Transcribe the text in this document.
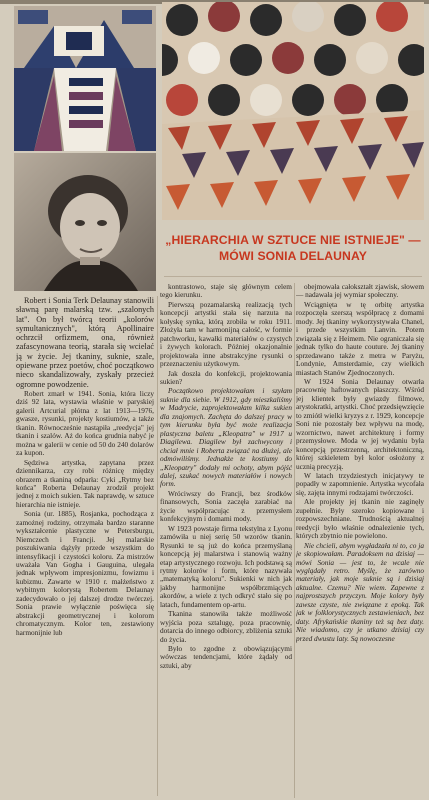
„HIERARCHIA W SZTUCE NIE ISTNIEJE" —
MÓWI SONIA DELAUNAY

Robert i Sonia Terk Delaunay stanowili sławną parę malarską tzw. „szalonych lat". On był twórcą teorii „kolorów symultanicznych", którą Apollinaire ochrzcił orfizmem, ona, również zafascynowana teorią, starała się wcielać ją w życie. Jej tkaniny, suknie, szale, opiewane przez poetów, choć początkowo nieco skandalizowały, zyskały przecież ogromne powodzenie.

Robert zmarł w 1941. Sonia, która liczy dziś 92 lata, wystawia właśnie w paryskiej galerii Artcurial płótna z lat 1913—1976, gwasze, rysunki, projekty kostiumów, a także tkanin. Równocześnie nastąpiła „reedycja" jej tkanin i szalów. Aż do końca grudnia nabyć je można w galerii w cenie od 50 do 240 dolarów za kupon.

Sędziwa artystka, zapytana przez dziennikarza, czy robi różnicę między obrazem a tkaniną odparła: Cyki „Rytmy bez końca" Roberta Delaunay zrodził projekt jednej z moich sukien. Tak naprawdę, w sztuce hierarchia nie istnieje.

Sonia (ur. 1885), Rosjanka, pochodząca z zamożnej rodziny, otrzymała bardzo staranne wykształcenie plastyczne w Petersburgu, Niemczech i Francji. Jej malarskie poszukiwania dążyły przede wszystkim do intensyfikacji i czystości koloru. Za mistrzów uważała Van Gogha i Gauguina, ulegała jednak wpływom impresjonizmu, fowizmu i kubizmu. Zawarte w 1910 r. małżeństwo z wybitnym kolorystą Robertem Delaunay zadecydowało o jej dalszej drodze twórczej. Sonia prawie wyłącznie poświęca się abstrakcji geometrycznej i kolorom chromatycznym. Kolor ten, zestawiony harmonijnie lub

kontrastowo, staje się głównym celem tego kierunku.

Pierwszą pozamalarską realizacją tych koncepcji artystki stała się narzuta na kołyskę synka, którą zrobiła w roku 1911. Złożyła tam w harmonijną całość, w formie patchworku, kawałki materiałów o czystych i żywych kolorach. Później okazjonalnie projektowała inne abstrakcyjne rysunki o przeznaczeniu użytkowym.

Jak doszła do konfekcji, projektowania sukien?

Początkowo projektowałam i szyłam suknie dla siebie. W 1912, gdy mieszkaliśmy w Madrycie, zaprojektowałam kilka sukien dla znajomych. Zachęta do dalszej pracy w tym kierunku była być może realizacja plastyczna baletu „Kleopatra" w 1917 u Diagilewa. Diagilew był zachwycony i chciał mnie i Roberta związać na dłużej, ale odmówiliśmy. Jednakże te kostiumy do „Kleopatry" dodały mi ochoty, abym pójść dalej, szukać nowych materiałów i nowych form.

Wróciwszy do Francji, bez środków finansowych, Sonia zaczęła zarabiać na życie współpracując z przemysłem konfekcyjnym i domami mody.

W 1923 powstaje firma tekstylna z Lyonu zamówiła u niej serię 50 wzorów tkanin. Rysunki te są już do końca przemyślaną koncepcją jej malarstwa i stanowią ważny etap artystycznego rozwoju. Ich podstawą są rytmy kolorów i form, które nazywała „matematyką koloru". Sukienki w nich jak jakby harmonijne współbrzmiących akordów, a wiele z tych odkryć stało się po latach, fundamentem op-artu.

Tkanina stanowiła także możliwość wyjścia poza sztalugę, poza pracownię, dotarcia do innego odbiorcy, zbliżenia sztuki do życia.

Było to zgodne z obowiązującymi wówczas tendencjami, które żądały od sztuki, aby

obejmowała całokształt zjawisk, słowem — nadawała jej wymiar społeczny.

Wciągnięta w tę orbitę artystka rozpoczęła szerszą współpracę z domami mody. Jej tkaniny wykorzystywała Chanel, i przede wszystkim Lanvin. Potem związała się z Heimem. Nie ograniczała się jednak tylko do haute couture. Jej tkaniny sprzedawano także z metra w Paryżu, Londynie, Amsterdamie, czy wielkich miastach Stanów Zjednoczonych.

W 1924 Sonia Delaunay otwarła pracownię haftowanych płaszczy. Wśród jej klientek były gwiazdy filmowe, arystokratki, artystki. Choć przedsięwzięcie to zmiótł wielki kryzys z r. 1929, koncepcje Soni nie pozostały bez wpływu na modę, wzornictwo, nawet architekturę i formy przemysłowe. Moda w jej wydaniu była koncepcją przestrzenną, architektoniczną, której szkieletem był kolor osłożony z ucznią precyzją.

W latach trzydziestych inicjatywy te popadły w zapomnienie. Artystka wycofała się, zajęta innymi rodzajami twórczości.

Ale projekty jej tkanin nie zaginęły zupełnie. Były szeroko kopiowane i rozpowszechniane. Trudnością aktualnej reedycji było właśnie odnalezienie tych, których zbytnio nie powielono.

Nie chcieli, abym wygładzała ni to, co ja je skopiowałam. Paradoksem na dzisiaj — mówi Sonia — jest to, że wcale nie wyglądały retro. Myślę, że zarówno materiały, jak moje suknie są i dzisiaj aktualne. Czemu? Nie wiem. Zapewne z najprostszych przyczyn. Moje kolory były zawsze czyste, nie związane z epoką. Tak jak w folklorystycznych zestawieniach, bez daty. Afrykańskie tkaniny też są bez daty. Nie wiadomo, czy je utkano dzisiaj czy przed dwustu laty. Są nowoczesne
